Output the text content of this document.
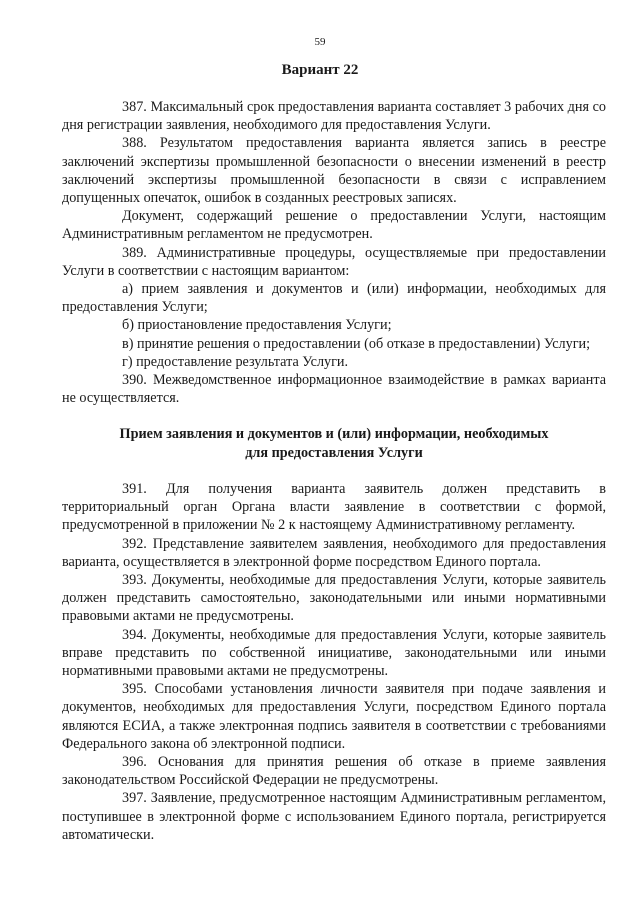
59
Вариант 22

387. Максимальный срок предоставления варианта составляет 3 рабочих дня со дня регистрации заявления, необходимого для предоставления Услуги.

388. Результатом предоставления варианта является запись в реестре заключений экспертизы промышленной безопасности о внесении изменений в реестр заключений экспертизы промышленной безопасности в связи с исправлением допущенных опечаток, ошибок в созданных реестровых записях.

Документ, содержащий решение о предоставлении Услуги, настоящим Административным регламентом не предусмотрен.

389. Административные процедуры, осуществляемые при предоставлении Услуги в соответствии с настоящим вариантом:

а) прием заявления и документов и (или) информации, необходимых для предоставления Услуги;

б) приостановление предоставления Услуги;

в) принятие решения о предоставлении (об отказе в предоставлении) Услуги;

г) предоставление результата Услуги.

390. Межведомственное информационное взаимодействие в рамках варианта не осуществляется.

Прием заявления и документов и (или) информации, необходимых
для предоставления Услуги

391. Для получения варианта заявитель должен представить в территориальный орган Органа власти заявление в соответствии с формой, предусмотренной в приложении № 2 к настоящему Административному регламенту.

392. Представление заявителем заявления, необходимого для предоставления варианта, осуществляется в электронной форме посредством Единого портала.

393. Документы, необходимые для предоставления Услуги, которые заявитель должен представить самостоятельно, законодательными или иными нормативными правовыми актами не предусмотрены.

394. Документы, необходимые для предоставления Услуги, которые заявитель вправе представить по собственной инициативе, законодательными или иными нормативными правовыми актами не предусмотрены.

395. Способами установления личности заявителя при подаче заявления и документов, необходимых для предоставления Услуги, посредством Единого портала являются ЕСИА, а также электронная подпись заявителя в соответствии с требованиями Федерального закона об электронной подписи.

396. Основания для принятия решения об отказе в приеме заявления законодательством Российской Федерации не предусмотрены.

397. Заявление, предусмотренное настоящим Административным регламентом, поступившее в электронной форме с использованием Единого портала, регистрируется автоматически.
